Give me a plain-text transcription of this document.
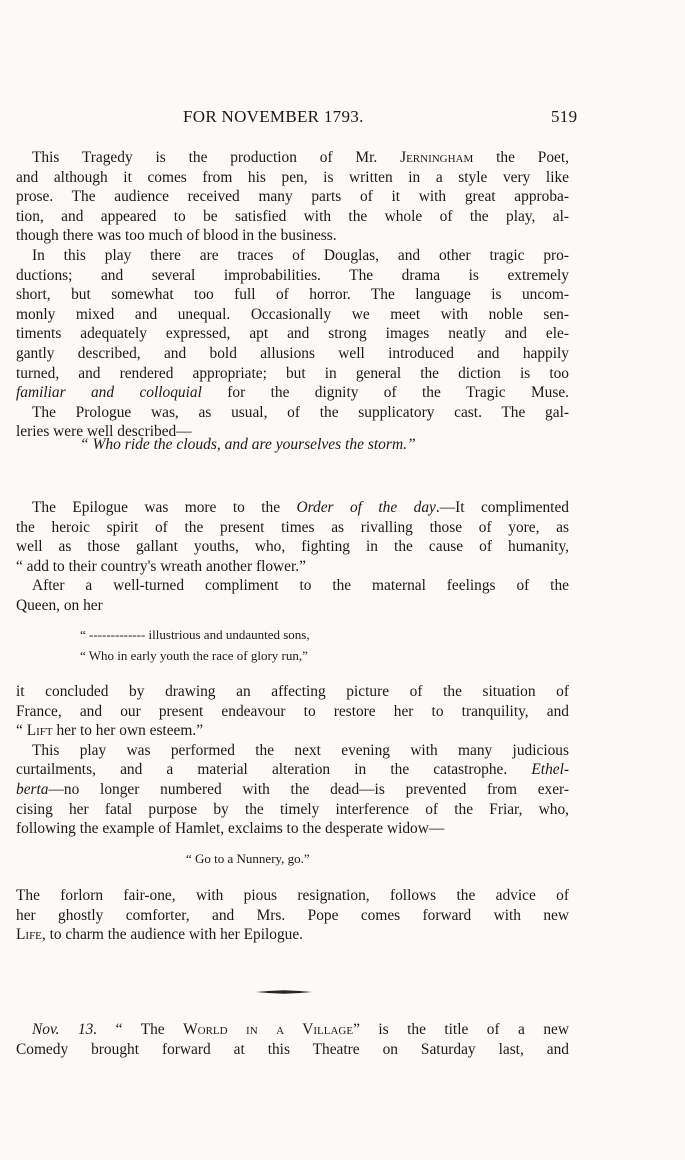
FOR NOVEMBER 1793.	519
This Tragedy is the production of Mr. Jerningham the Poet,
and although it comes from his pen, is written in a style very like
prose. The audience received many parts of it with great approba-
tion, and appeared to be satisfied with the whole of the play, al-
though there was too much of blood in the business.
In this play there are traces of Douglas, and other tragic pro-
ductions; and several improbabilities. The drama is extremely
short, but somewhat too full of horror. The language is uncom-
monly mixed and unequal. Occasionally we meet with noble sen-
timents adequately expressed, apt and strong images neatly and ele-
gantly described, and bold allusions well introduced and happily
turned, and rendered appropriate; but in general the diction is too
familiar and colloquial for the dignity of the Tragic Muse.
The Prologue was, as usual, of the supplicatory cast. The gal-
leries were well described—
“ Who ride the clouds, and are yourselves the storm.”
The Epilogue was more to the Order of the day.—It complimented
the heroic spirit of the present times as rivalling those of yore, as
well as those gallant youths, who, fighting in the cause of humanity,
“ add to their country's wreath another flower.”
After a well-turned compliment to the maternal feelings of the
Queen, on her
“ ------------- illustrious and undaunted sons,
“ Who in early youth the race of glory run,”
it concluded by drawing an affecting picture of the situation of
France, and our present endeavour to restore her to tranquility, and
“ Lift her to her own esteem.”
This play was performed the next evening with many judicious
curtailments, and a material alteration in the catastrophe. Ethel-
berta—no longer numbered with the dead—is prevented from exer-
cising her fatal purpose by the timely interference of the Friar, who,
following the example of Hamlet, exclaims to the desperate widow—
“ Go to a Nunnery, go.”
The forlorn fair-one, with pious resignation, follows the advice of
her ghostly comforter, and Mrs. Pope comes forward with new
Life, to charm the audience with her Epilogue.
Nov. 13. “ The World in a Village” is the title of a new
Comedy brought forward at this Theatre on Saturday last, and
